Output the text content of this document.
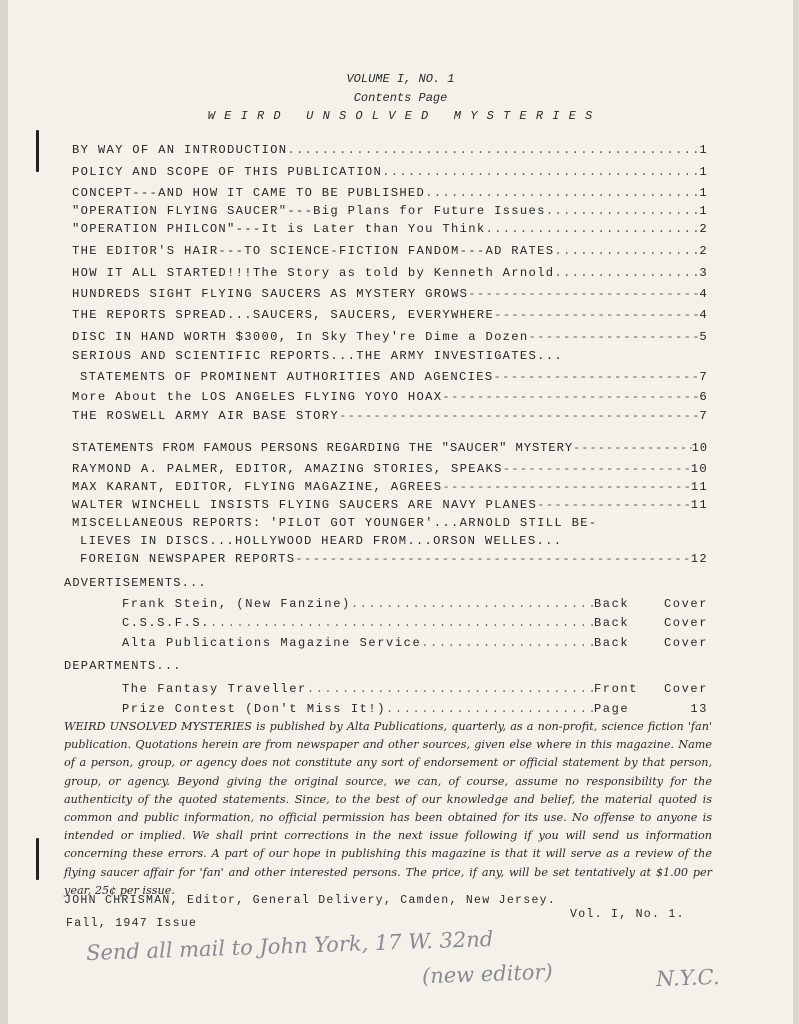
VOLUME I, NO. 1
Contents Page
W E I R D   U N S O L V E D   M Y S T E R I E S
BY WAY OF AN INTRODUCTION .....	1
POLICY AND SCOPE OF THIS PUBLICATION .....	1
CONCEPT---AND HOW IT CAME TO BE PUBLISHED .....	1
"OPERATION FLYING SAUCER"---Big Plans for Future Issues .....	1
"OPERATION PHILCON"---It is Later than You Think .....	2
THE EDITOR'S HAIR---TO SCIENCE-FICTION FANDOM---AD RATES .....	2
HOW IT ALL STARTED!!!The Story as told by Kenneth Arnold .....	3
HUNDREDS SIGHT FLYING SAUCERS AS MYSTERY GROWS -----	4
THE REPORTS SPREAD...SAUCERS, SAUCERS, EVERYWHERE -----	4
DISC IN HAND WORTH $3000, In Sky They're Dime a Dozen -----	5
SERIOUS AND SCIENTIFIC REPORTS...THE ARMY INVESTIGATES...
STATEMENTS OF PROMINENT AUTHORITIES AND AGENCIES -----	7
More About the LOS ANGELES FLYING YOYO HOAX -----	6
THE ROSWELL ARMY AIR BASE STORY -----	7
STATEMENTS FROM FAMOUS PERSONS REGARDING THE "SAUCER" MYSTERY -----	10
RAYMOND A. PALMER, EDITOR, AMAZING STORIES, SPEAKS -----	10
MAX KARANT, EDITOR, FLYING MAGAZINE, AGREES -----	11
WALTER WINCHELL INSISTS FLYING SAUCERS ARE NAVY PLANES -----	11
MISCELLANEOUS REPORTS: 'PILOT GOT YOUNGER'...ARNOLD STILL BE-
LIEVES IN DISCS...HOLLYWOOD HEARD FROM...ORSON WELLES...
FOREIGN NEWSPAPER REPORTS -----	12
ADVERTISEMENTS...
Frank Stein, (New Fanzine) .....	Back	Cover
C.S.S.F.S. .....	Back	Cover
Alta Publications Magazine Service .....	Back	Cover
DEPARTMENTS...
The Fantasy Traveller .....	Front	Cover
Prize Contest (Don't Miss It!) .....	Page	13
WEIRD UNSOLVED MYSTERIES is published by Alta Publications, quarterly, as a non-profit, science fiction 'fan' publication. Quotations herein are from newspaper and other sources, given else where in this magazine. Name of a person, group, or agency does not constitute any sort of endorsement or official statement by that person, group, or agency. Beyond giving the original source, we can, of course, assume no responsibility for the authenticity of the quoted statements. Since, to the best of our knowledge and belief, the material quoted is common and public information, no official permission has been obtained for its use. No offense to anyone is intended or implied. We shall print corrections in the next issue following if you will send us information concerning these errors. A part of our hope in publishing this magazine is that it will serve as a review of the flying saucer affair for 'fan' and other interested persons. The price, if any, will be set tentatively at $1.00 per year, 25¢ per issue.
JOHN CHRISMAN, Editor, General Delivery, Camden, New Jersey.
Fall, 1947 Issue
Vol. I, No. 1.
Send all mail to John York, 17 W. 32nd
(new editor)	N.Y.C.
